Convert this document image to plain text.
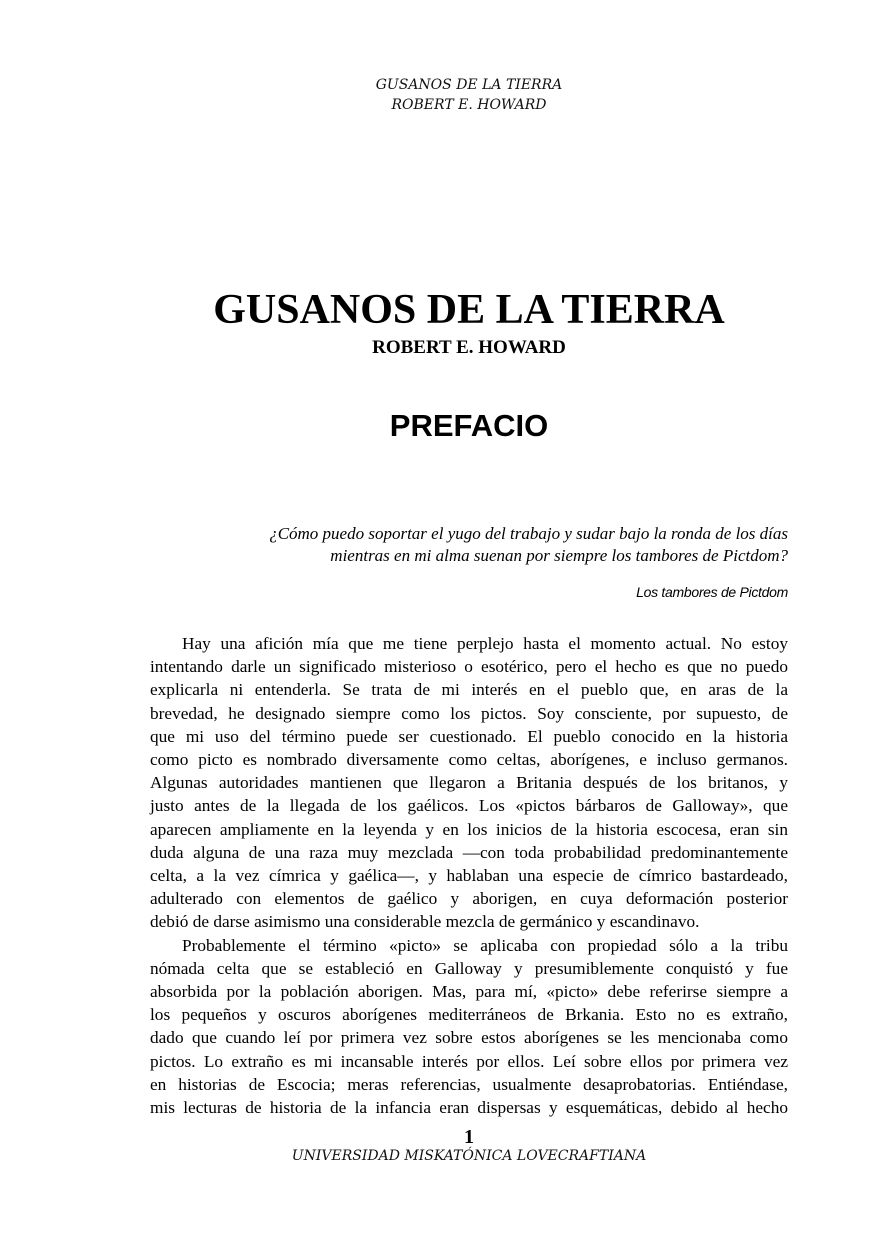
GUSANOS DE LA TIERRA
ROBERT E. HOWARD
GUSANOS DE LA TIERRA
ROBERT E. HOWARD
PREFACIO
¿Cómo puedo soportar el yugo del trabajo y sudar bajo la ronda de los días
mientras en mi alma suenan por siempre los tambores de Pictdom?
Los tambores de Pictdom
Hay una afición mía que me tiene perplejo hasta el momento actual. No estoy
intentando darle un significado misterioso o esotérico, pero el hecho es que no puedo
explicarla ni entenderla. Se trata de mi interés en el pueblo que, en aras de la
brevedad, he designado siempre como los pictos. Soy consciente, por supuesto, de
que mi uso del término puede ser cuestionado. El pueblo conocido en la historia
como picto es nombrado diversamente como celtas, aborígenes, e incluso germanos.
Algunas autoridades mantienen que llegaron a Britania después de los britanos, y
justo antes de la llegada de los gaélicos. Los «pictos bárbaros de Galloway», que
aparecen ampliamente en la leyenda y en los inicios de la historia escocesa, eran sin
duda alguna de una raza muy mezclada —con toda probabilidad predominantemente
celta, a la vez címrica y gaélica—, y hablaban una especie de címrico bastardeado,
adulterado con elementos de gaélico y aborigen, en cuya deformación posterior
debió de darse asimismo una considerable mezcla de germánico y escandinavo.
Probablemente el término «picto» se aplicaba con propiedad sólo a la tribu
nómada celta que se estableció en Galloway y presumiblemente conquistó y fue
absorbida por la población aborigen. Mas, para mí, «picto» debe referirse siempre a
los pequeños y oscuros aborígenes mediterráneos de Brkania. Esto no es extraño,
dado que cuando leí por primera vez sobre estos aborígenes se les mencionaba como
pictos. Lo extraño es mi incansable interés por ellos. Leí sobre ellos por primera vez
en historias de Escocia; meras referencias, usualmente desaprobatorias. Entiéndase,
mis lecturas de historia de la infancia eran dispersas y esquemáticas, debido al hecho
1
UNIVERSIDAD MISKATÓNICA LOVECRAFTIANA
